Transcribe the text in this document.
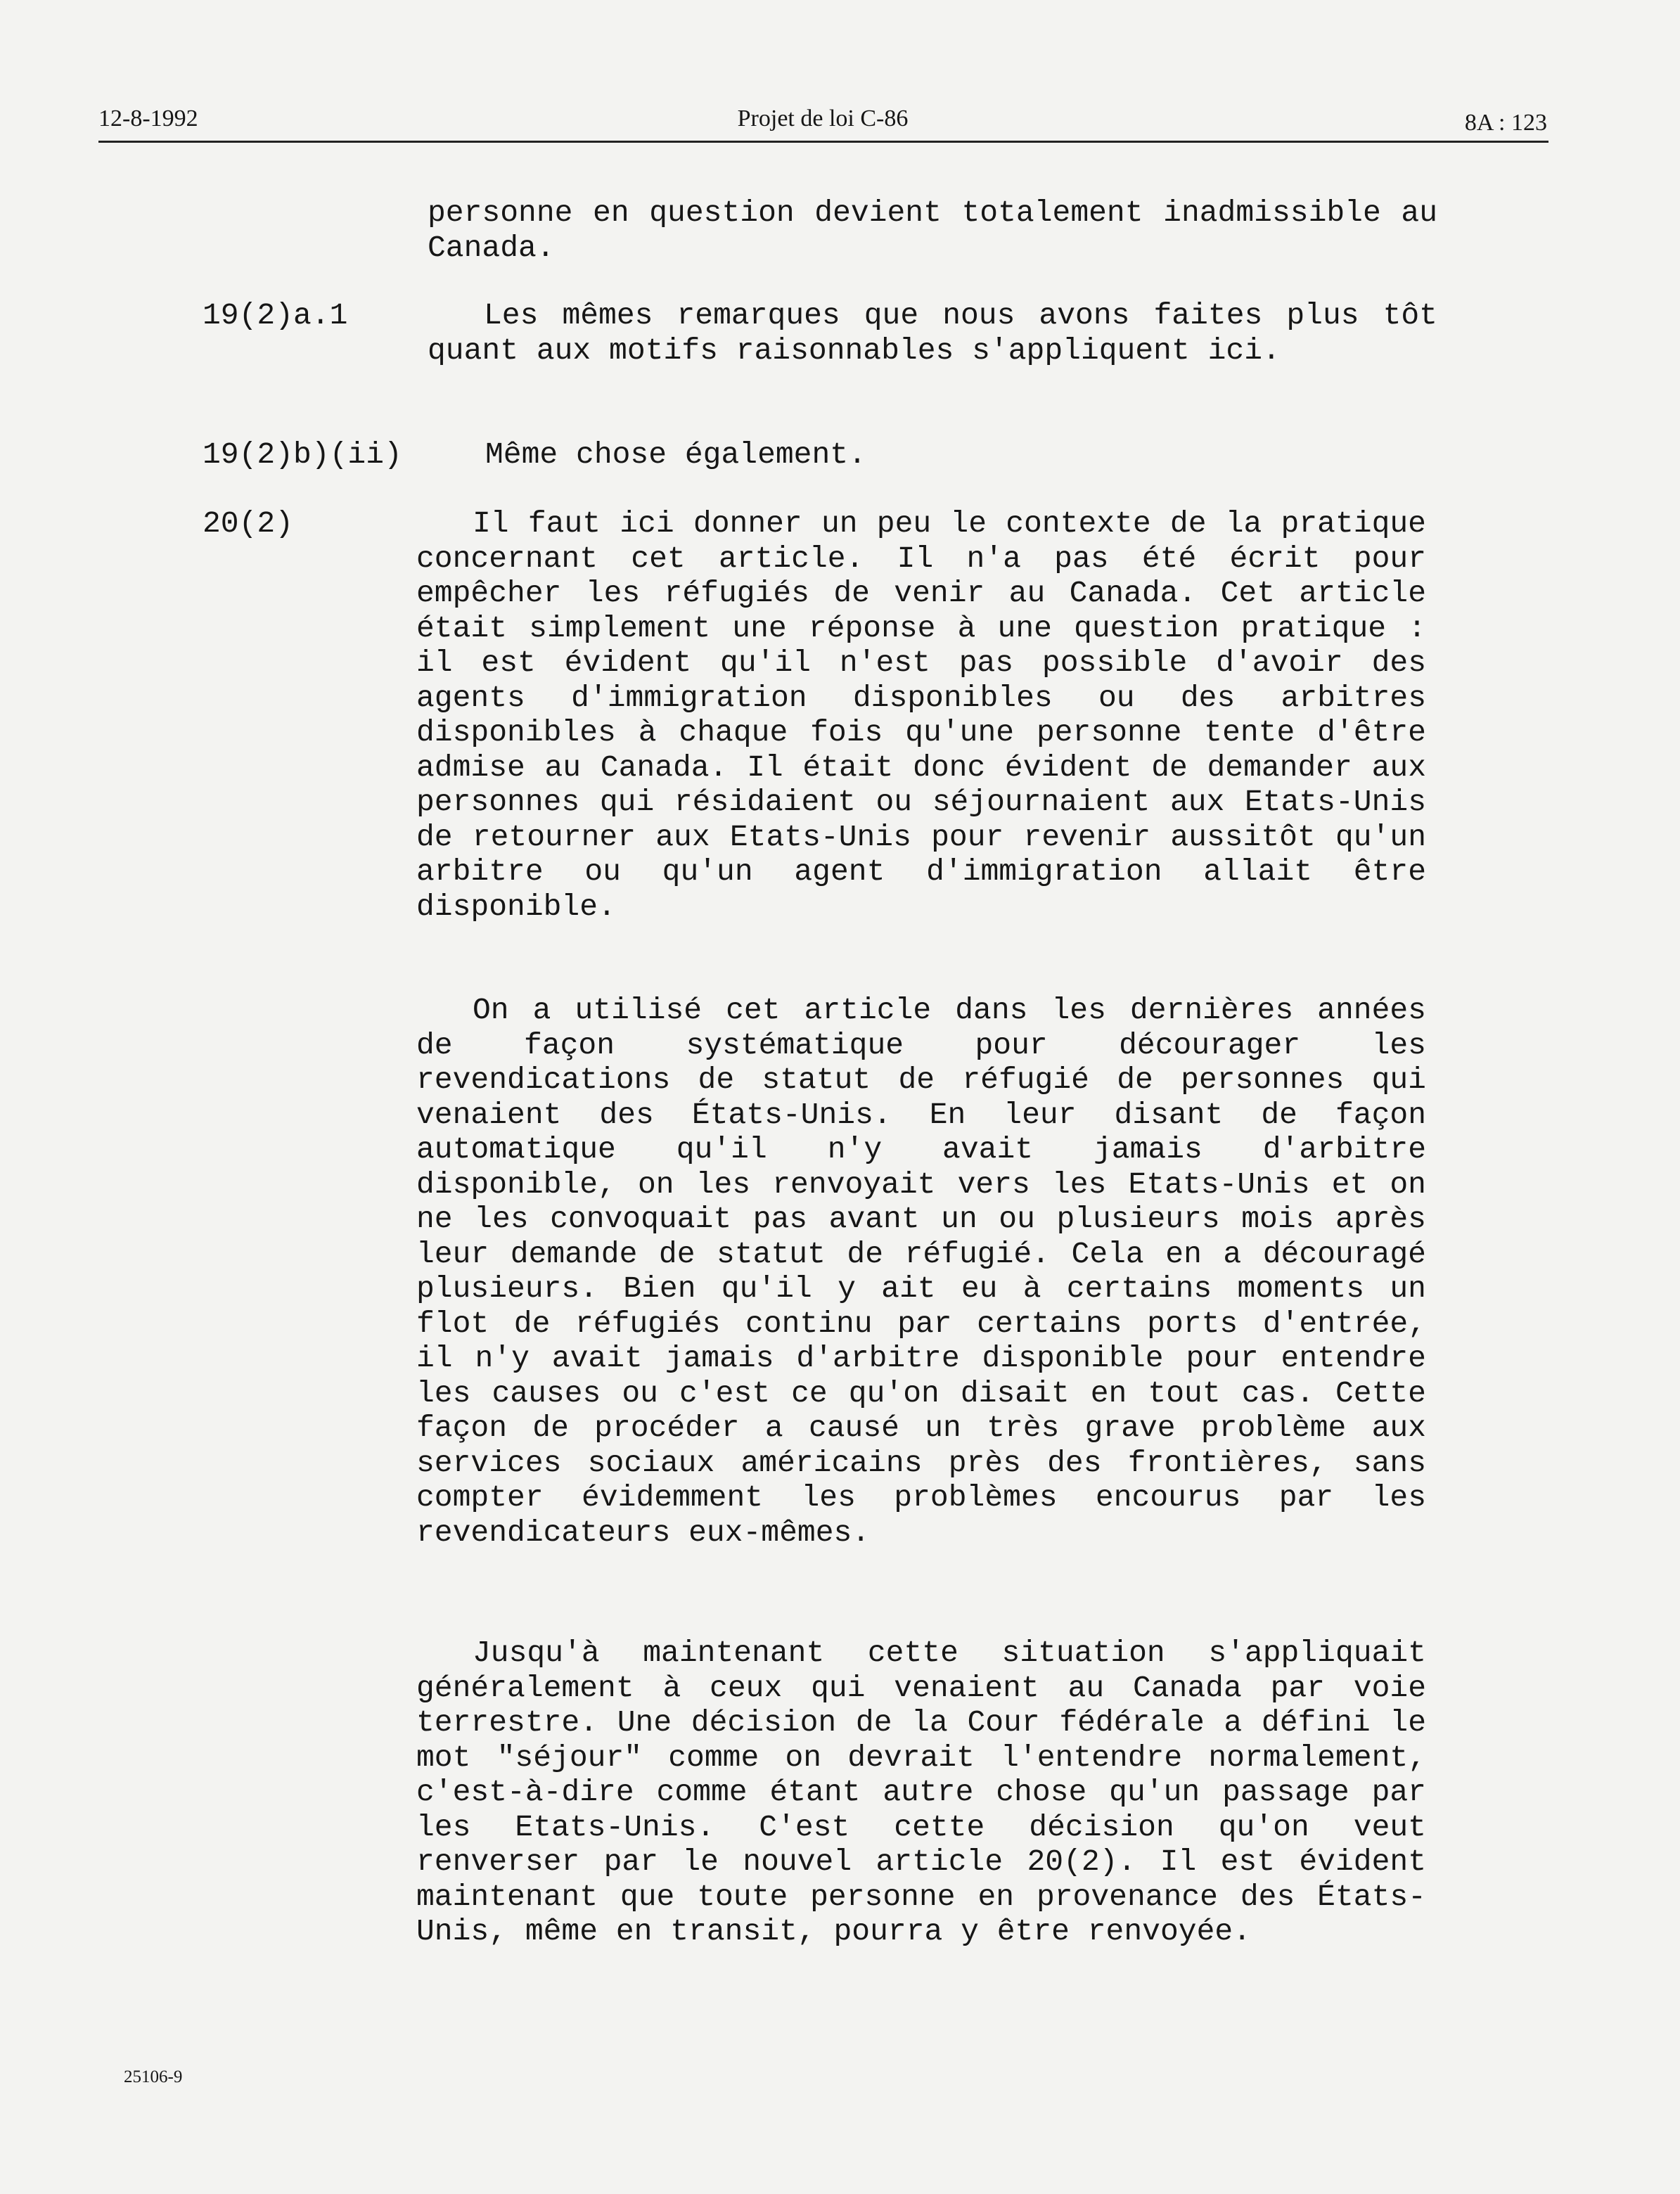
12-8-1992	Projet de loi C-86	8A : 123
personne en question devient totalement inadmissible au Canada.
19(2)a.1	Les mêmes remarques que nous avons faites plus tôt quant aux motifs raisonnables s'appliquent ici.
19(2)b)(ii)	Même chose également.
20(2)	Il faut ici donner un peu le contexte de la pratique concernant cet article. Il n'a pas été écrit pour empêcher les réfugiés de venir au Canada. Cet article était simplement une réponse à une question pratique : il est évident qu'il n'est pas possible d'avoir des agents d'immigration disponibles ou des arbitres disponibles à chaque fois qu'une personne tente d'être admise au Canada. Il était donc évident de demander aux personnes qui résidaient ou séjournaient aux Etats-Unis de retourner aux Etats-Unis pour revenir aussitôt qu'un arbitre ou qu'un agent d'immigration allait être disponible.
On a utilisé cet article dans les dernières années de façon systématique pour décourager les revendications de statut de réfugié de personnes qui venaient des États-Unis. En leur disant de façon automatique qu'il n'y avait jamais d'arbitre disponible, on les renvoyait vers les Etats-Unis et on ne les convoquait pas avant un ou plusieurs mois après leur demande de statut de réfugié. Cela en a découragé plusieurs. Bien qu'il y ait eu à certains moments un flot de réfugiés continu par certains ports d'entrée, il n'y avait jamais d'arbitre disponible pour entendre les causes ou c'est ce qu'on disait en tout cas. Cette façon de procéder a causé un très grave problème aux services sociaux américains près des frontières, sans compter évidemment les problèmes encourus par les revendicateurs eux-mêmes.
Jusqu'à maintenant cette situation s'appliquait généralement à ceux qui venaient au Canada par voie terrestre. Une décision de la Cour fédérale a défini le mot "séjour" comme on devrait l'entendre normalement, c'est-à-dire comme étant autre chose qu'un passage par les Etats-Unis. C'est cette décision qu'on veut renverser par le nouvel article 20(2). Il est évident maintenant que toute personne en provenance des États-Unis, même en transit, pourra y être renvoyée.
25106-9
